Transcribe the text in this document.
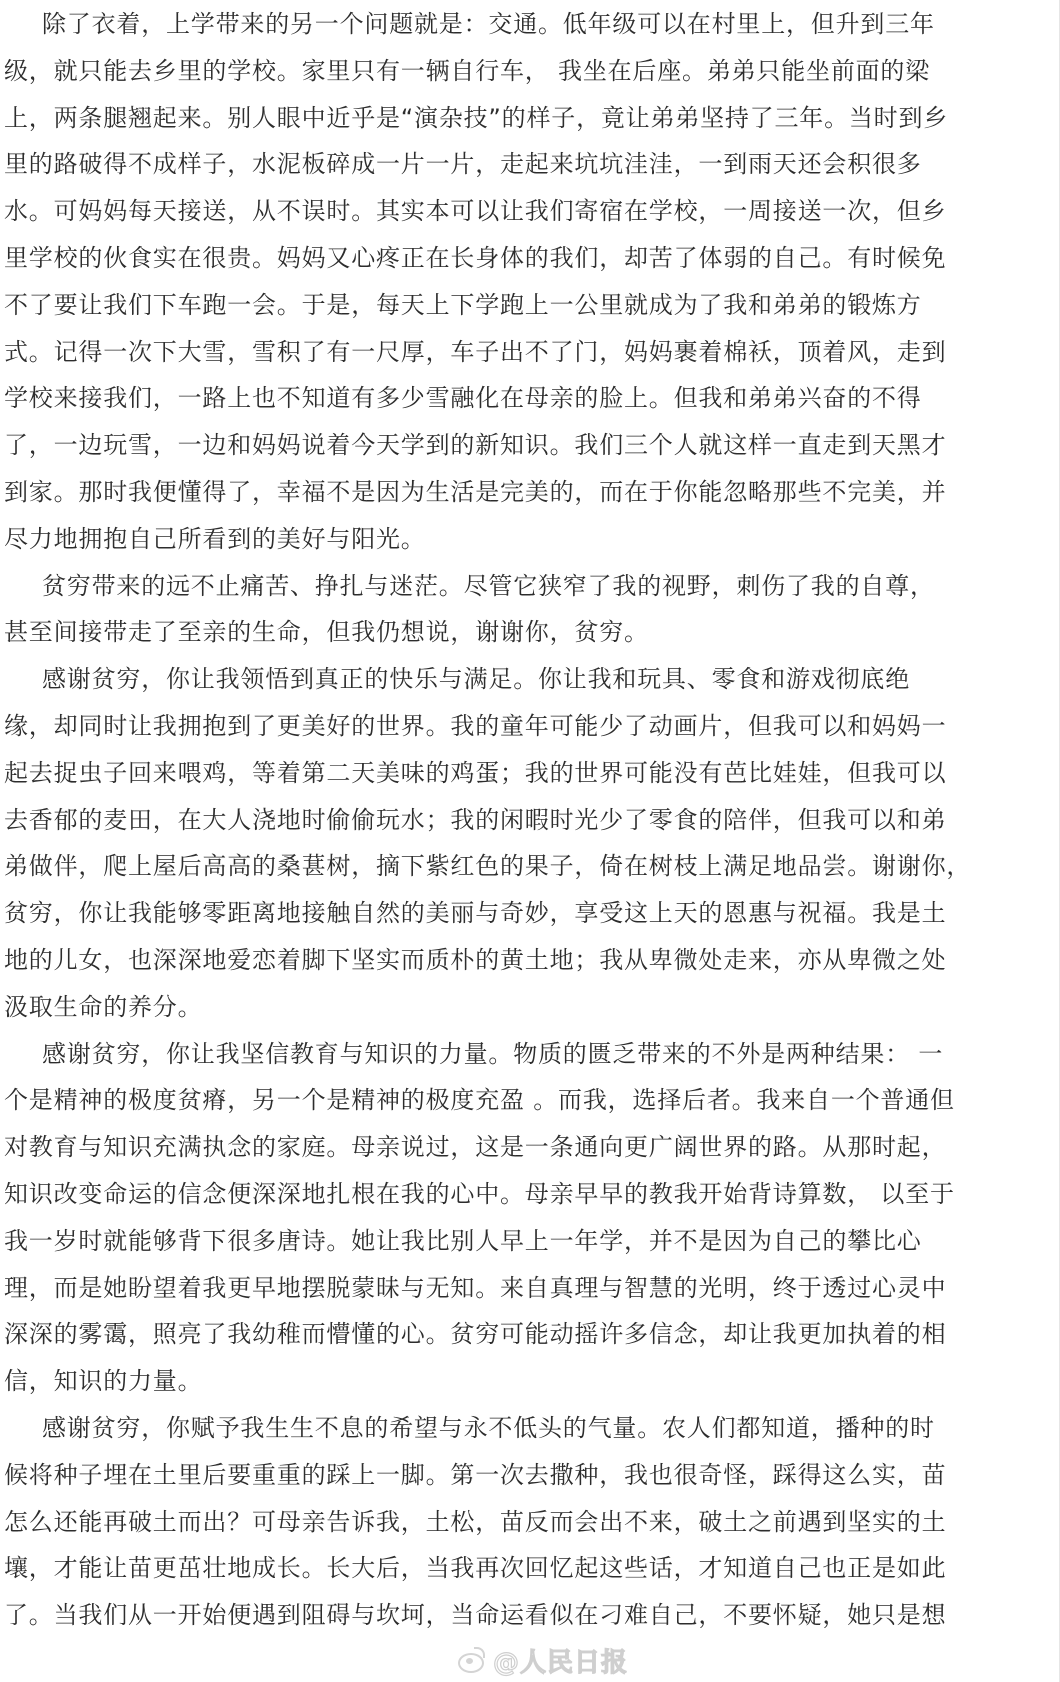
除了衣着，上学带来的另一个问题就是：交通。低年级可以在村里上，但升到三年
级，就只能去乡里的学校。家里只有一辆自行车， 我坐在后座。弟弟只能坐前面的梁
上，两条腿翘起来。别人眼中近乎是“演杂技”的样子，竟让弟弟坚持了三年。当时到乡
里的路破得不成样子，水泥板碎成一片一片，走起来坑坑洼洼，一到雨天还会积很多
水。可妈妈每天接送，从不误时。其实本可以让我们寄宿在学校，一周接送一次，但乡
里学校的伙食实在很贵。妈妈又心疼正在长身体的我们，却苦了体弱的自己。有时候免
不了要让我们下车跑一会。于是，每天上下学跑上一公里就成为了我和弟弟的锻炼方
式。记得一次下大雪，雪积了有一尺厚，车子出不了门，妈妈裹着棉袄，顶着风，走到
学校来接我们，一路上也不知道有多少雪融化在母亲的脸上。但我和弟弟兴奋的不得
了，一边玩雪，一边和妈妈说着今天学到的新知识。我们三个人就这样一直走到天黑才
到家。那时我便懂得了，幸福不是因为生活是完美的，而在于你能忽略那些不完美，并
尽力地拥抱自己所看到的美好与阳光。
贫穷带来的远不止痛苦、挣扎与迷茫。尽管它狭窄了我的视野，刺伤了我的自尊，
甚至间接带走了至亲的生命，但我仍想说，谢谢你，贫穷。
感谢贫穷，你让我领悟到真正的快乐与满足。你让我和玩具、零食和游戏彻底绝
缘，却同时让我拥抱到了更美好的世界。我的童年可能少了动画片，但我可以和妈妈一
起去捉虫子回来喂鸡，等着第二天美味的鸡蛋；我的世界可能没有芭比娃娃，但我可以
去香郁的麦田，在大人浇地时偷偷玩水；我的闲暇时光少了零食的陪伴，但我可以和弟
弟做伴，爬上屋后高高的桑葚树，摘下紫红色的果子，倚在树枝上满足地品尝。谢谢你，
贫穷，你让我能够零距离地接触自然的美丽与奇妙，享受这上天的恩惠与祝福。我是土
地的儿女，也深深地爱恋着脚下坚实而质朴的黄土地；我从卑微处走来，亦从卑微之处
汲取生命的养分。
感谢贫穷，你让我坚信教育与知识的力量。物质的匮乏带来的不外是两种结果： 一
个是精神的极度贫瘠，另一个是精神的极度充盈 。而我，选择后者。我来自一个普通但
对教育与知识充满执念的家庭。母亲说过，这是一条通向更广阔世界的路。从那时起，
知识改变命运的信念便深深地扎根在我的心中。母亲早早的教我开始背诗算数， 以至于
我一岁时就能够背下很多唐诗。她让我比别人早上一年学，并不是因为自己的攀比心
理，而是她盼望着我更早地摆脱蒙昧与无知。来自真理与智慧的光明，终于透过心灵中
深深的雾霭，照亮了我幼稚而懵懂的心。贫穷可能动摇许多信念，却让我更加执着的相
信，知识的力量。
感谢贫穷，你赋予我生生不息的希望与永不低头的气量。农人们都知道，播种的时
候将种子埋在土里后要重重的踩上一脚。第一次去撒种，我也很奇怪，踩得这么实，苗
怎么还能再破土而出？可母亲告诉我，土松，苗反而会出不来，破土之前遇到坚实的土
壤，才能让苗更茁壮地成长。长大后，当我再次回忆起这些话，才知道自己也正是如此
了。当我们从一开始便遇到阻碍与坎坷，当命运看似在刁难自己，不要怀疑，她只是想
@人民日报
